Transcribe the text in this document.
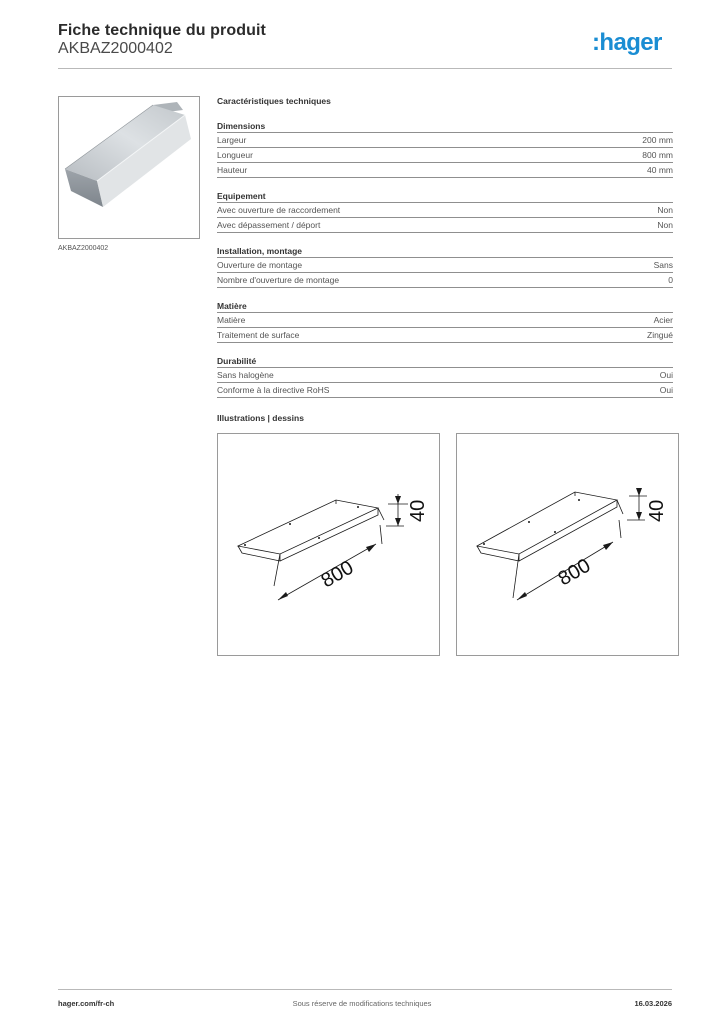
Fiche technique du produit
AKBAZ2000402	:hager
AKBAZ2000402
Caractéristiques techniques
Dimensions
Largeur	200 mm
Longueur	800 mm
Hauteur	40 mm
Equipement
Avec ouverture de raccordement	Non
Avec dépassement / déport	Non
Installation, montage
Ouverture de montage	Sans
Nombre d'ouverture de montage	0
Matière
Matière	Acier
Traitement de surface	Zingué
Durabilité
Sans halogène	Oui
Conforme à la directive RoHS	Oui
Illustrations | dessins
800
40
800
40
hager.com/fr-ch	Sous réserve de modifications techniques	16.03.2026
